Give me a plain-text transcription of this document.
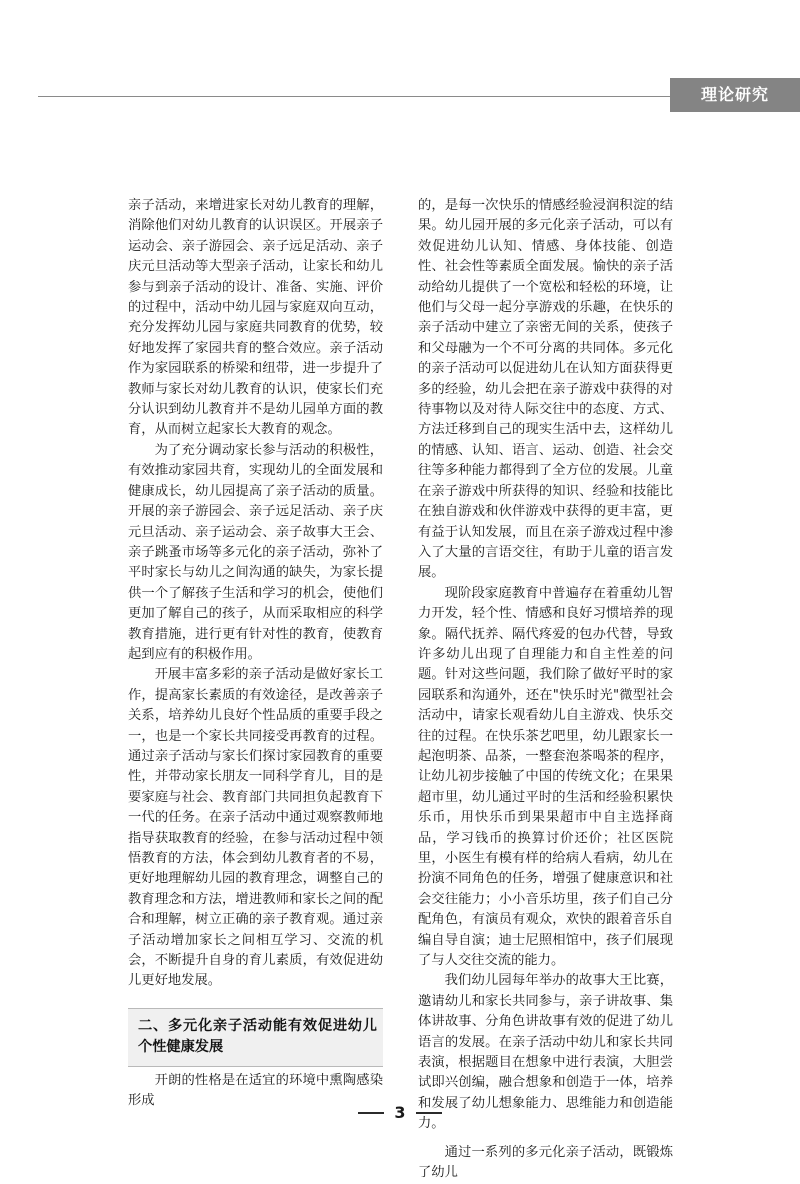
理论研究

亲子活动，来增进家长对幼儿教育的理解，消除他们对幼儿教育的认识误区。开展亲子运动会、亲子游园会、亲子远足活动、亲子庆元旦活动等大型亲子活动，让家长和幼儿参与到亲子活动的设计、准备、实施、评价的过程中，活动中幼儿园与家庭双向互动，充分发挥幼儿园与家庭共同教育的优势，较好地发挥了家园共育的整合效应。亲子活动作为家园联系的桥梁和纽带，进一步提升了教师与家长对幼儿教育的认识，使家长们充分认识到幼儿教育并不是幼儿园单方面的教育，从而树立起家长大教育的观念。

为了充分调动家长参与活动的积极性，有效推动家园共育，实现幼儿的全面发展和健康成长，幼儿园提高了亲子活动的质量。开展的亲子游园会、亲子远足活动、亲子庆元旦活动、亲子运动会、亲子故事大王会、亲子跳蚤市场等多元化的亲子活动，弥补了平时家长与幼儿之间沟通的缺失，为家长提供一个了解孩子生活和学习的机会，使他们更加了解自己的孩子，从而采取相应的科学教育措施，进行更有针对性的教育，使教育起到应有的积极作用。

开展丰富多彩的亲子活动是做好家长工作，提高家长素质的有效途径，是改善亲子关系，培养幼儿良好个性品质的重要手段之一，也是一个家长共同接受再教育的过程。通过亲子活动与家长们探讨家园教育的重要性，并带动家长朋友一同科学育儿，目的是要家庭与社会、教育部门共同担负起教育下一代的任务。在亲子活动中通过观察教师地指导获取教育的经验，在参与活动过程中领悟教育的方法，体会到幼儿教育者的不易，更好地理解幼儿园的教育理念，调整自己的教育理念和方法，增进教师和家长之间的配合和理解，树立正确的亲子教育观。通过亲子活动增加家长之间相互学习、交流的机会，不断提升自身的育儿素质，有效促进幼儿更好地发展。

二、多元化亲子活动能有效促进幼儿个性健康发展

开朗的性格是在适宜的环境中熏陶感染形成

的，是每一次快乐的情感经验浸润积淀的结果。幼儿园开展的多元化亲子活动，可以有效促进幼儿认知、情感、身体技能、创造性、社会性等素质全面发展。愉快的亲子活动给幼儿提供了一个宽松和轻松的环境，让他们与父母一起分享游戏的乐趣，在快乐的亲子活动中建立了亲密无间的关系，使孩子和父母融为一个不可分离的共同体。多元化的亲子活动可以促进幼儿在认知方面获得更多的经验，幼儿会把在亲子游戏中获得的对待事物以及对待人际交往中的态度、方式、方法迁移到自己的现实生活中去，这样幼儿的情感、认知、语言、运动、创造、社会交往等多种能力都得到了全方位的发展。儿童在亲子游戏中所获得的知识、经验和技能比在独自游戏和伙伴游戏中获得的更丰富，更有益于认知发展，而且在亲子游戏过程中渗入了大量的言语交往，有助于儿童的语言发展。

现阶段家庭教育中普遍存在着重幼儿智力开发，轻个性、情感和良好习惯培养的现象。隔代抚养、隔代疼爱的包办代替，导致许多幼儿出现了自理能力和自主性差的问题。针对这些问题，我们除了做好平时的家园联系和沟通外，还在"快乐时光"微型社会活动中，请家长观看幼儿自主游戏、快乐交往的过程。在快乐茶艺吧里，幼儿跟家长一起泡明茶、品茶，一整套泡茶喝茶的程序，让幼儿初步接触了中国的传统文化；在果果超市里，幼儿通过平时的生活和经验积累快乐币，用快乐币到果果超市中自主选择商品，学习钱币的换算讨价还价；社区医院里，小医生有模有样的给病人看病，幼儿在扮演不同角色的任务，增强了健康意识和社会交往能力；小小音乐坊里，孩子们自己分配角色，有演员有观众，欢快的跟着音乐自编自导自演；迪士尼照相馆中，孩子们展现了与人交往交流的能力。

我们幼儿园每年举办的故事大王比赛，邀请幼儿和家长共同参与，亲子讲故事、集体讲故事、分角色讲故事有效的促进了幼儿语言的发展。在亲子活动中幼儿和家长共同表演，根据题目在想象中进行表演，大胆尝试即兴创编，融合想象和创造于一体，培养和发展了幼儿想象能力、思维能力和创造能力。

通过一系列的多元化亲子活动，既锻炼了幼儿

3
